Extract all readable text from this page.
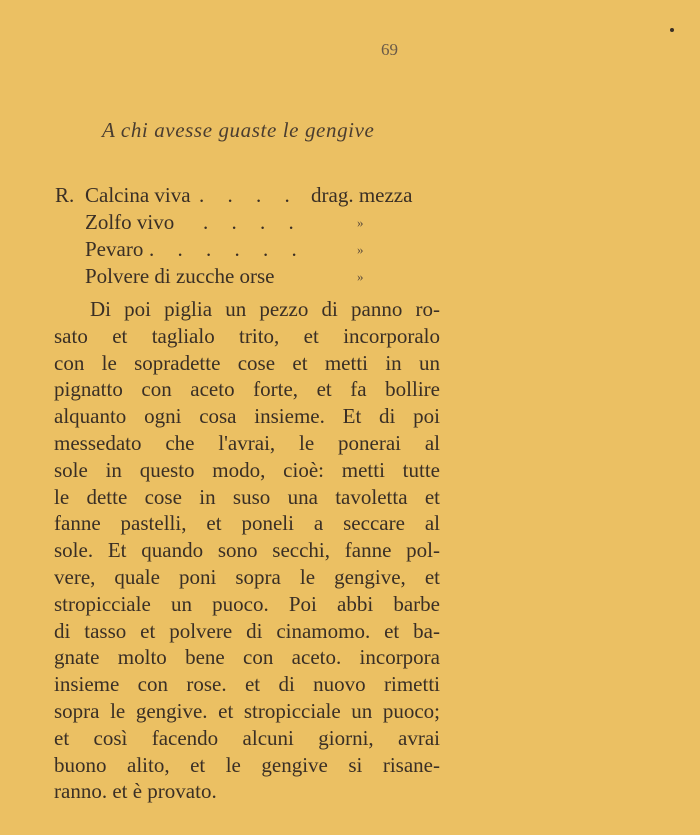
69
A chi avesse guaste le gengive
R. Calcina viva . . . . drag. mezza
Zolfo vivo . . . .	»
Pevaro . . . . . .	»
Polvere di zucche orse	»
Di poi piglia un pezzo di panno ro-
sato et taglialo trito, et incorporalo
con le sopradette cose et metti in un
pignatto con aceto forte, et fa bollire
alquanto ogni cosa insieme. Et di poi
messedato che l'avrai, le ponerai al
sole in questo modo, cioè: metti tutte
le dette cose in suso una tavoletta et
fanne pastelli, et poneli a seccare al
sole. Et quando sono secchi, fanne pol-
vere, quale poni sopra le gengive, et
stropicciale un puoco. Poi abbi barbe
di tasso et polvere di cinamomo. et ba-
gnate molto bene con aceto. incorpora
insieme con rose. et di nuovo rimetti
sopra le gengive. et stropicciale un puoco;
et così facendo alcuni giorni, avrai
buono alito, et le gengive si risane-
ranno. et è provato.
